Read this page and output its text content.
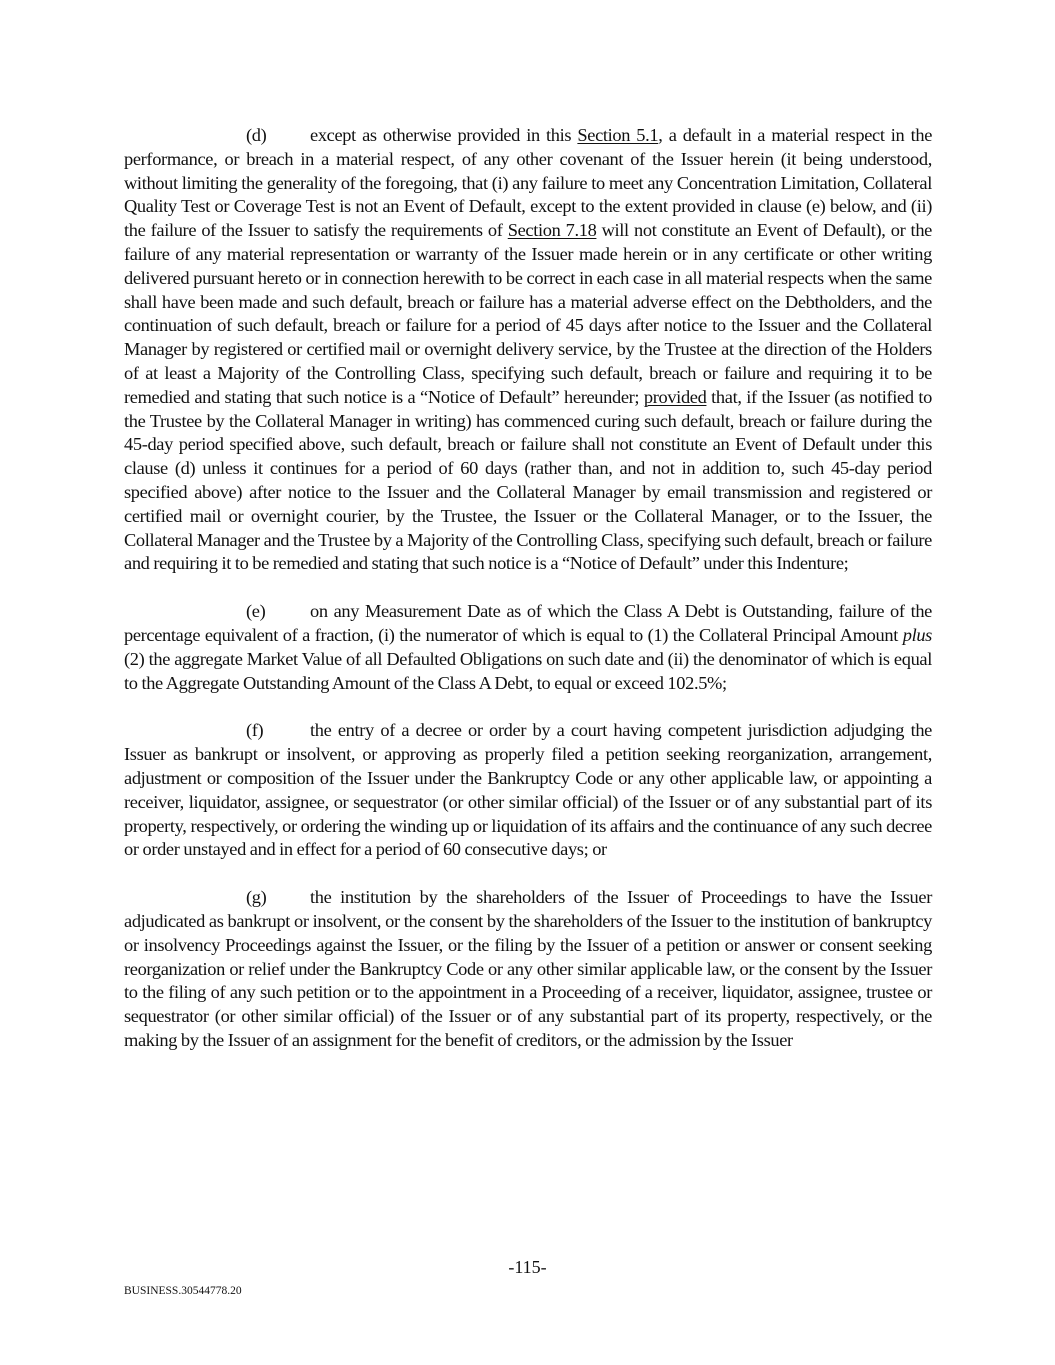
(d) except as otherwise provided in this Section 5.1, a default in a material respect in the performance, or breach in a material respect, of any other covenant of the Issuer herein (it being understood, without limiting the generality of the foregoing, that (i) any failure to meet any Concentration Limitation, Collateral Quality Test or Coverage Test is not an Event of Default, except to the extent provided in clause (e) below, and (ii) the failure of the Issuer to satisfy the requirements of Section 7.18 will not constitute an Event of Default), or the failure of any material representation or warranty of the Issuer made herein or in any certificate or other writing delivered pursuant hereto or in connection herewith to be correct in each case in all material respects when the same shall have been made and such default, breach or failure has a material adverse effect on the Debtholders, and the continuation of such default, breach or failure for a period of 45 days after notice to the Issuer and the Collateral Manager by registered or certified mail or overnight delivery service, by the Trustee at the direction of the Holders of at least a Majority of the Controlling Class, specifying such default, breach or failure and requiring it to be remedied and stating that such notice is a “Notice of Default” hereunder; provided that, if the Issuer (as notified to the Trustee by the Collateral Manager in writing) has commenced curing such default, breach or failure during the 45-day period specified above, such default, breach or failure shall not constitute an Event of Default under this clause (d) unless it continues for a period of 60 days (rather than, and not in addition to, such 45-day period specified above) after notice to the Issuer and the Collateral Manager by email transmission and registered or certified mail or overnight courier, by the Trustee, the Issuer or the Collateral Manager, or to the Issuer, the Collateral Manager and the Trustee by a Majority of the Controlling Class, specifying such default, breach or failure and requiring it to be remedied and stating that such notice is a “Notice of Default” under this Indenture;

(e) on any Measurement Date as of which the Class A Debt is Outstanding, failure of the percentage equivalent of a fraction, (i) the numerator of which is equal to (1) the Collateral Principal Amount plus (2) the aggregate Market Value of all Defaulted Obligations on such date and (ii) the denominator of which is equal to the Aggregate Outstanding Amount of the Class A Debt, to equal or exceed 102.5%;

(f)	the entry of a decree or order by a court having competent jurisdiction adjudging the Issuer as bankrupt or insolvent, or approving as properly filed a petition seeking reorganization, arrangement, adjustment or composition of the Issuer under the Bankruptcy Code or any other applicable law, or appointing a receiver, liquidator, assignee, or sequestrator (or other similar official) of the Issuer or of any substantial part of its property, respectively, or ordering the winding up or liquidation of its affairs and the continuance of any such decree or order unstayed and in effect for a period of 60 consecutive days; or

(g) the institution by the shareholders of the Issuer of Proceedings to have the Issuer adjudicated as bankrupt or insolvent, or the consent by the shareholders of the Issuer to the institution of bankruptcy or insolvency Proceedings against the Issuer, or the filing by the Issuer of a petition or answer or consent seeking reorganization or relief under the Bankruptcy Code or any other similar applicable law, or the consent by the Issuer to the filing of any such petition or to the appointment in a Proceeding of a receiver, liquidator, assignee, trustee or sequestrator (or other similar official) of the Issuer or of any substantial part of its property, respectively, or the making by the Issuer of an assignment for the benefit of creditors, or the admission by the Issuer

-115-
BUSINESS.30544778.20
